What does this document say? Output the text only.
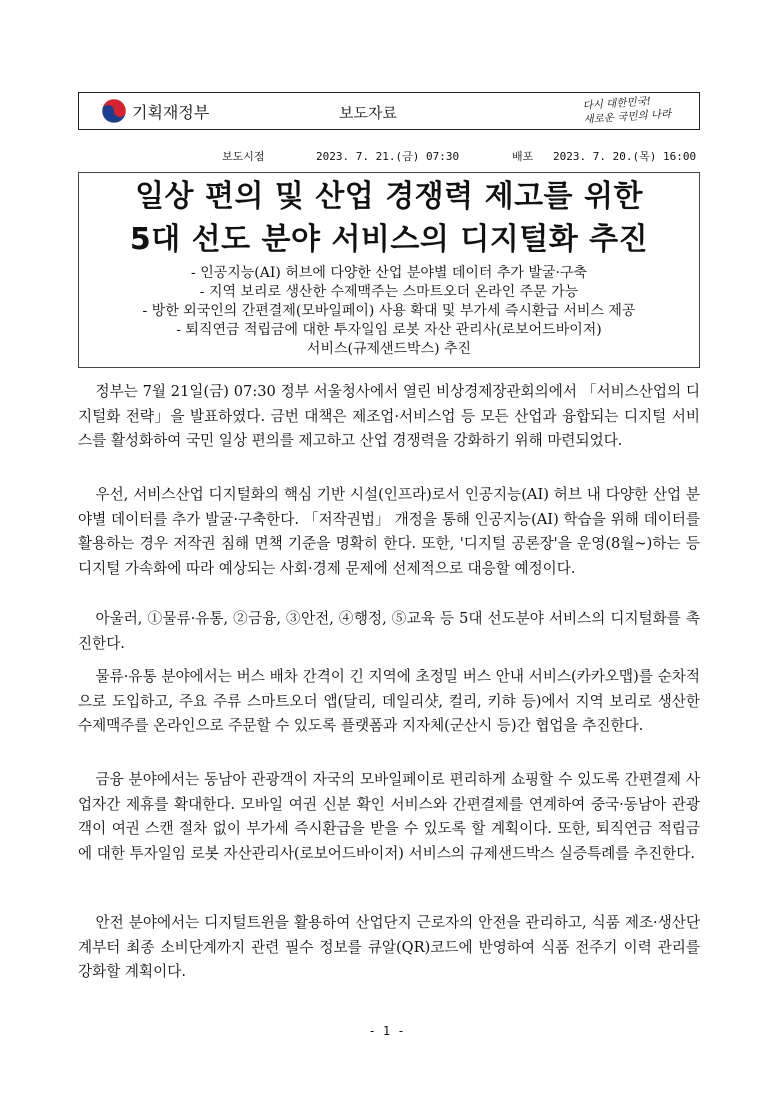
기획재정부	보도자료
다시 대한민국!
새로운 국민의 나라
보도시점	2023. 7. 21.(금) 07:30	배포 2023. 7. 20.(목) 16:00
일상 편의 및 산업 경쟁력 제고를 위한
5대 선도 분야 서비스의 디지털화 추진
- 인공지능(AI) 허브에 다양한 산업 분야별 데이터 추가 발굴·구축
- 지역 보리로 생산한 수제맥주는 스마트오더 온라인 주문 가능
- 방한 외국인의 간편결제(모바일페이) 사용 확대 및 부가세 즉시환급 서비스 제공
- 퇴직연금 적립금에 대한 투자일임 로봇 자산 관리사(로보어드바이저)
서비스(규제샌드박스) 추진
정부는 7월 21일(금) 07:30 정부 서울청사에서 열린 비상경제장관회의에서 「서비스산업의 디지털화 전략」을 발표하였다. 금번 대책은 제조업·서비스업 등 모든 산업과 융합되는 디지털 서비스를 활성화하여 국민 일상 편의를 제고하고 산업 경쟁력을 강화하기 위해 마련되었다.
우선, 서비스산업 디지털화의 핵심 기반 시설(인프라)로서 인공지능(AI) 허브 내 다양한 산업 분야별 데이터를 추가 발굴·구축한다. 「저작권법」 개정을 통해 인공지능(AI) 학습을 위해 데이터를 활용하는 경우 저작권 침해 면책 기준을 명확히 한다. 또한, '디지털 공론장'을 운영(8월~)하는 등 디지털 가속화에 따라 예상되는 사회·경제 문제에 선제적으로 대응할 예정이다.
아울러, ①물류·유통, ②금융, ③안전, ④행정, ⑤교육 등 5대 선도분야 서비스의 디지털화를 촉진한다.
물류·유통 분야에서는 버스 배차 간격이 긴 지역에 초정밀 버스 안내 서비스(카카오맵)를 순차적으로 도입하고, 주요 주류 스마트오더 앱(달리, 데일리샷, 컬리, 키햐 등)에서 지역 보리로 생산한 수제맥주를 온라인으로 주문할 수 있도록 플랫폼과 지자체(군산시 등)간 협업을 추진한다.
금융 분야에서는 동남아 관광객이 자국의 모바일페이로 편리하게 쇼핑할 수 있도록 간편결제 사업자간 제휴를 확대한다. 모바일 여권 신분 확인 서비스와 간편결제를 연계하여 중국·동남아 관광객이 여권 스캔 절차 없이 부가세 즉시환급을 받을 수 있도록 할 계획이다. 또한, 퇴직연금 적립금에 대한 투자일임 로봇 자산관리사(로보어드바이저) 서비스의 규제샌드박스 실증특례를 추진한다.
안전 분야에서는 디지털트윈을 활용하여 산업단지 근로자의 안전을 관리하고, 식품 제조·생산단계부터 최종 소비단계까지 관련 필수 정보를 큐알(QR)코드에 반영하여 식품 전주기 이력 관리를 강화할 계획이다.
- 1 -
